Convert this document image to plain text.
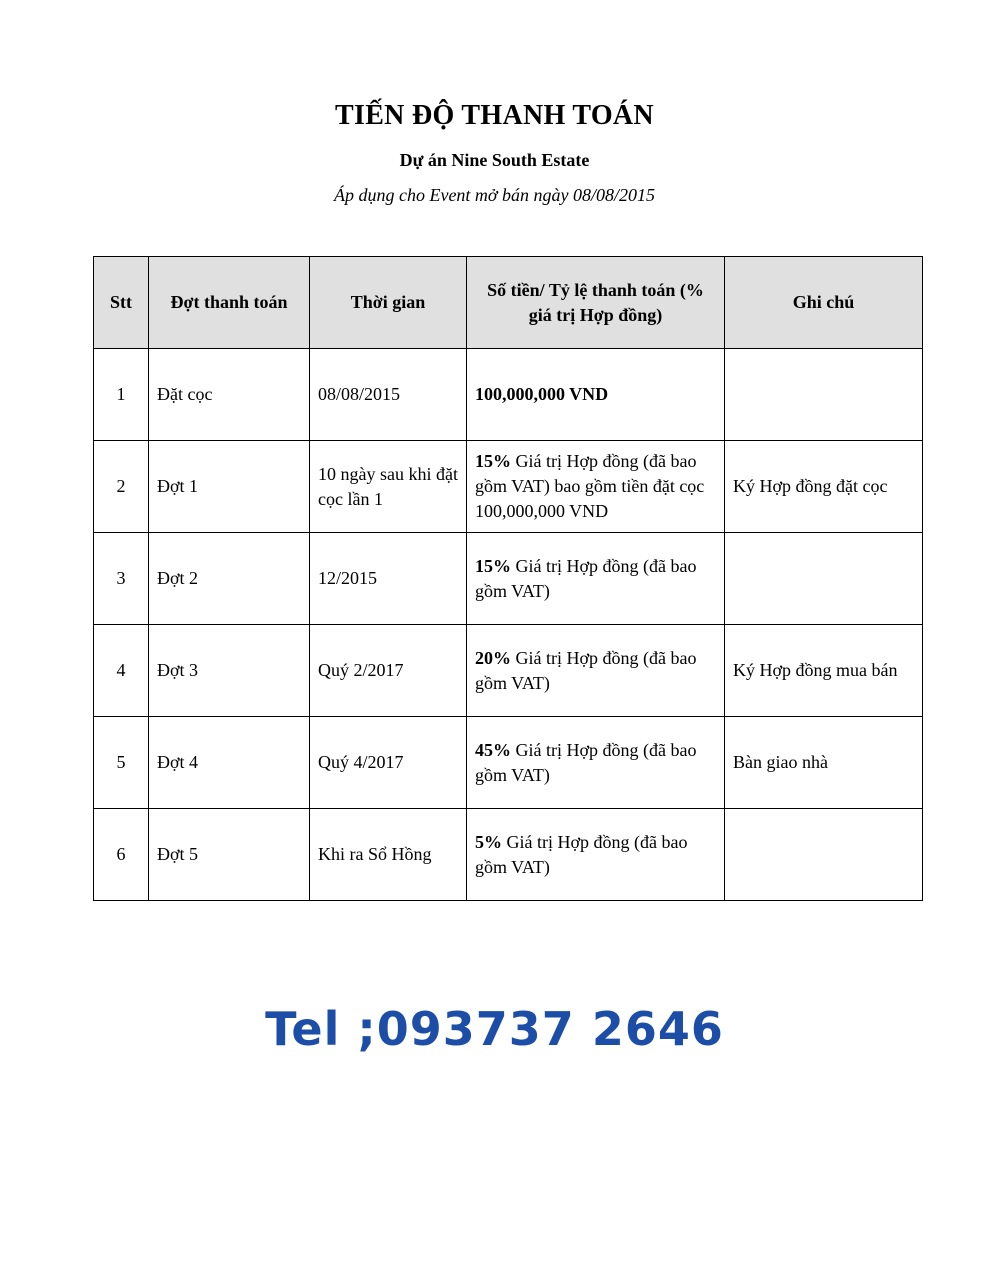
TIẾN ĐỘ THANH TOÁN
Dự án Nine South Estate
Áp dụng cho Event mở bán ngày 08/08/2015
Stt	Đợt thanh toán	Thời gian	Số tiền/ Tỷ lệ thanh toán (% giá trị Hợp đồng)	Ghi chú
1	Đặt cọc	08/08/2015	100,000,000 VND	
2	Đợt 1	10 ngày sau khi đặt cọc lần 1	15% Giá trị Hợp đồng (đã bao gồm VAT) bao gồm tiền đặt cọc 100,000,000 VND	Ký Hợp đồng đặt cọc
3	Đợt 2	12/2015	15% Giá trị Hợp đồng (đã bao gồm VAT)	
4	Đợt 3	Quý 2/2017	20% Giá trị Hợp đồng (đã bao gồm VAT)	Ký Hợp đồng mua bán
5	Đợt 4	Quý 4/2017	45% Giá trị Hợp đồng (đã bao gồm VAT)	Bàn giao nhà
6	Đợt 5	Khi ra Sổ Hồng	5% Giá trị Hợp đồng (đã bao gồm VAT)	
Tel ;093737 2646
